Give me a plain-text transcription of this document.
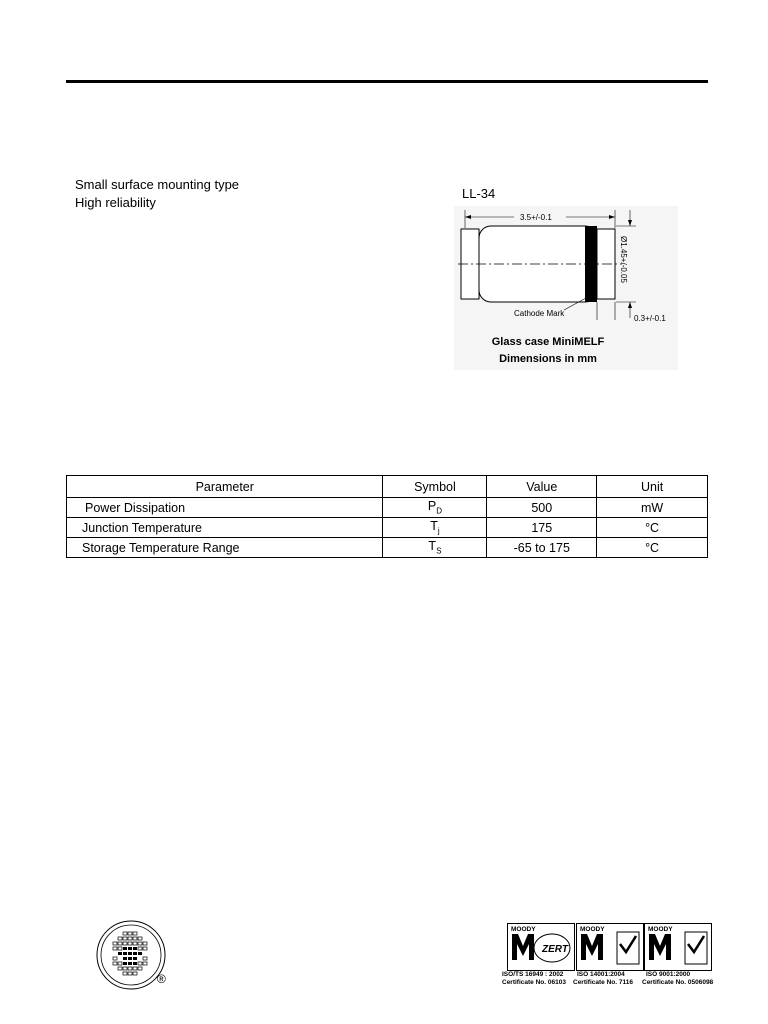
Small surface mounting type
High reliability
LL-34
3.5+/-0.1
Ø1.45+/-0.05
Cathode Mark
0.3+/-0.1
Glass case MiniMELF
Dimensions in mm
Parameter	Symbol	Value	Unit
Power Dissipation	$P_D$	500	mW
Junction Temperature	$T_j$	175	°C
Storage Temperature Range	$T_S$	-65 to 175	°C
®
MOODY
ZERT
MOODY	MOODY
ISO/TS 16949 : 2002
Certificate No. 06103
ISO 14001:2004
Certificate No. 7116
ISO 9001:2000
Certificate No. 0506098
